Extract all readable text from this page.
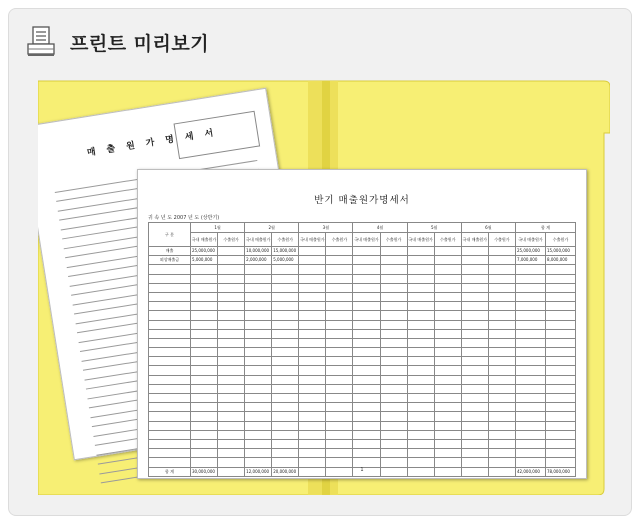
프린트 미리보기
매 출 원 가 명 세 서
반기 매출원가명세서
귀 속 년 도 2007 년 도 (상반기)
구 분	1월		2월		3월		4월		5월		6월		합 계	
	국내 매출원가	수출원가	국내 매출원가	수출원가	국내 매출원가	수출원가	국내 매출원가	수출원가	국내 매출원가	수출원가	국내 매출원가	수출원가	국내 매출원가	수출원가
매출	25,000,000		10,000,000	15,000,000									25,000,000	15,000,000
외상매출금	5,000,000		2,000,000	5,000,000									7,000,000	8,000,000

합 계	30,000,000		12,000,000	20,000,000									42,000,000	78,000,000
1
